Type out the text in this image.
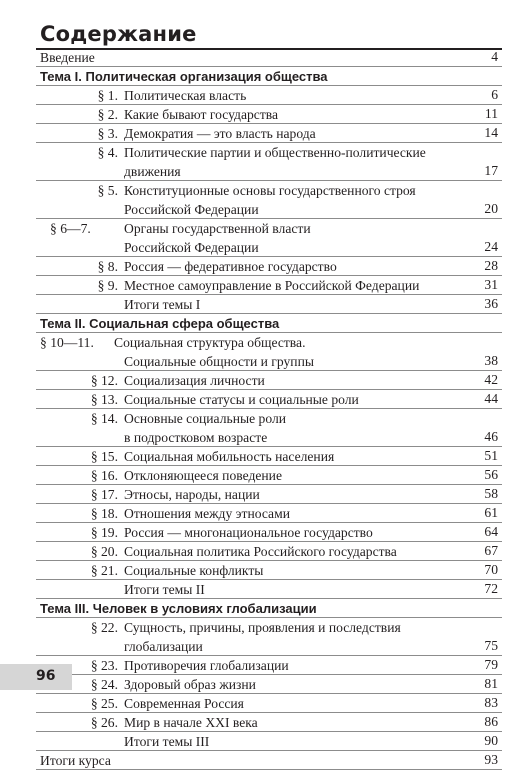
Содержание
Введение	4
Тема I. Политическая организация общества
§ 1. Политическая власть	6
§ 2. Какие бывают государства	11
§ 3. Демократия — это власть народа	14
§ 4. Политические партии и общественно-политические
движения	17
§ 5. Конституционные основы государственного строя
Российской Федерации	20
§ 6—7. Органы государственной власти
Российской Федерации	24
§ 8. Россия — федеративное государство	28
§ 9. Местное самоуправление в Российской Федерации	31
Итоги темы I	36
Тема II. Социальная сфера общества
§ 10—11. Социальная структура общества.
Социальные общности и группы	38
§ 12. Социализация личности	42
§ 13. Социальные статусы и социальные роли	44
§ 14. Основные социальные роли
в подростковом возрасте	46
§ 15. Социальная мобильность населения	51
§ 16. Отклоняющееся поведение	56
§ 17. Этносы, народы, нации	58
§ 18. Отношения между этносами	61
§ 19. Россия — многонациональное государство	64
§ 20. Социальная политика Российского государства	67
§ 21. Социальные конфликты	70
Итоги темы II	72
Тема III. Человек в условиях глобализации
§ 22. Сущность, причины, проявления и последствия
глобализации	75
§ 23. Противоречия глобализации	79
§ 24. Здоровый образ жизни	81
§ 25. Современная Россия	83
§ 26. Мир в начале XXI века	86
Итоги темы III	90
Итоги курса	93
96
